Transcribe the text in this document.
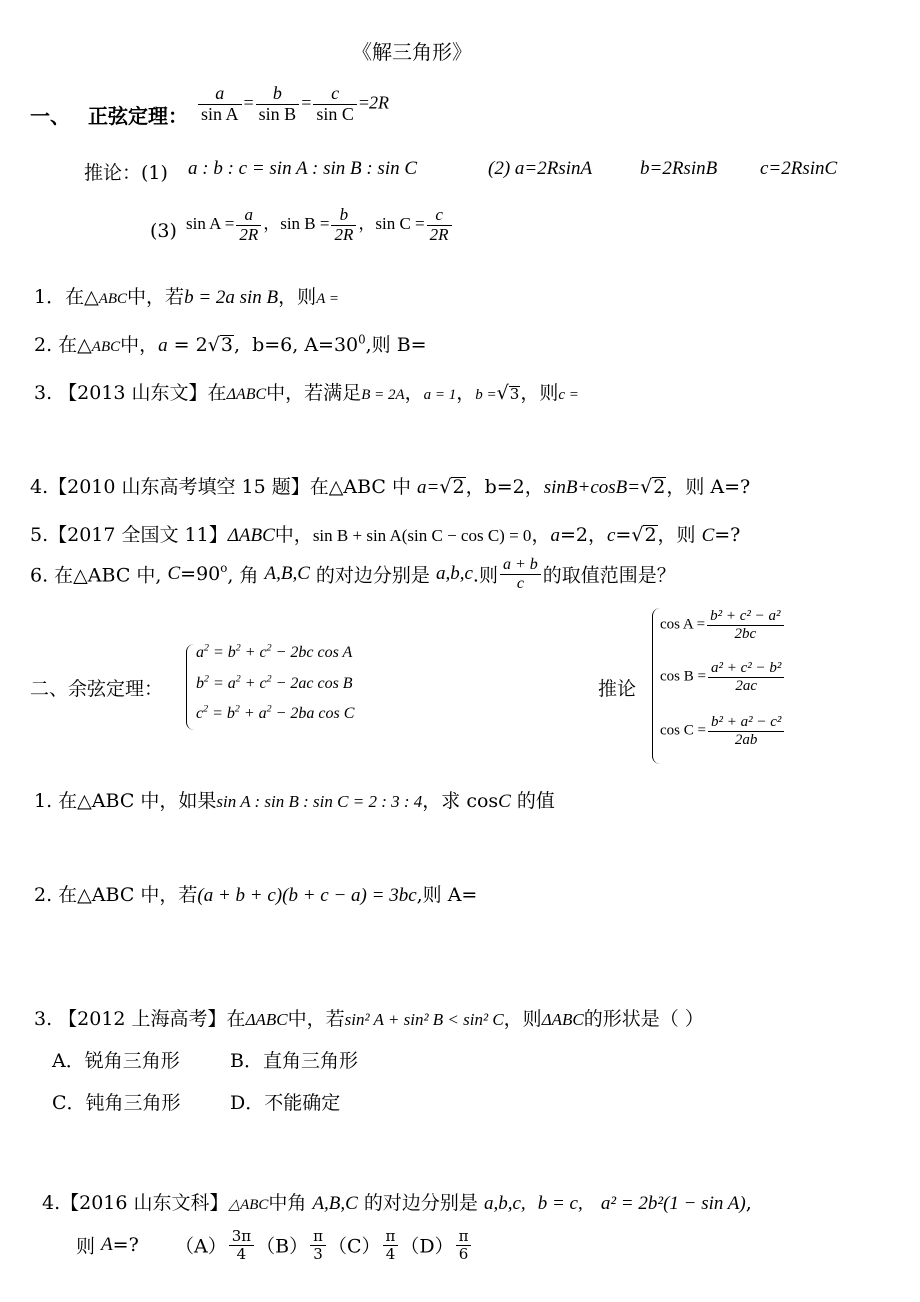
《解三角形》
一、 正弦定理： $\frac{a}{\text{sin A}} = \frac{b}{\text{sin B}} = \frac{c}{\text{sin C}} =2R$
推论：(1) a : b : c = sin A : sin B : sin C	(2) a=2RsinA	b=2RsinB c=2RsinC
(3) $\sin A = \frac{a}{2R}$ ，$\sin B = \frac{b}{2R}$ ，$\sin C = \frac{c}{2R}$
1．在△ABC中，若b = 2a sin B，则A =
2. 在△ABC中，a = 2√3,  b=6, $A=30^0$,则 B=
3. 【2013 山东文】在ΔABC中，若满足B = 2A，a = 1，b =√3，则c =
4.【2010 山东高考填空 15 题】在△ABC 中 a=√2，b=2，sinB+cosB=√2，则 A=?
5.【2017 全国文 11】ΔABC中，sin B + sin A(sin C − cos C) = 0，a=2，c=√2，则 C=?
6. 在△ABC 中, $C=90^o$, 角 A,B,C 的对边分别是 a,b,c.则 $\frac{a + b}{c}$ 的取值范围是？
二、余弦定理：
$a^2 = b^2 + c^2 - 2bc$ cos A
$b^2 = a^2 + c^2 - 2ac$ cos B
$c^2 = b^2 + a^2 - 2ba$ cos C
推论
$\cos A = \frac{\text{b² + c² − a²}}{2bc}$
$\cos B = \frac{\text{a² + c² − b²}}{2ac}$
$\cos C = \frac{\text{b² + a² − c²}}{2ab}$
1. 在△ABC 中，如果sin A : sin B : sin C = 2 : 3 : 4，求 cosC 的值
2. 在△ABC 中，若(a + b + c)(b + c − a) = 3bc,则 A=
3. 【2012 上海高考】在ΔABC中，若sin² A + sin² B < sin² C，则ΔABC的形状是（ ）
A．锐角三角形	B．直角三角形
C．钝角三角形	D．不能确定
4.【2016 山东文科】△ABC中角 A,B,C 的对边分别是 a,b,c, b = c, a² = 2b²(1 − sin A),
则 A=? $(A) \frac{3\pi}{4} (B) \frac{\pi}{3} (C) \frac{\pi}{4} (D) \frac{\pi}{6}$
